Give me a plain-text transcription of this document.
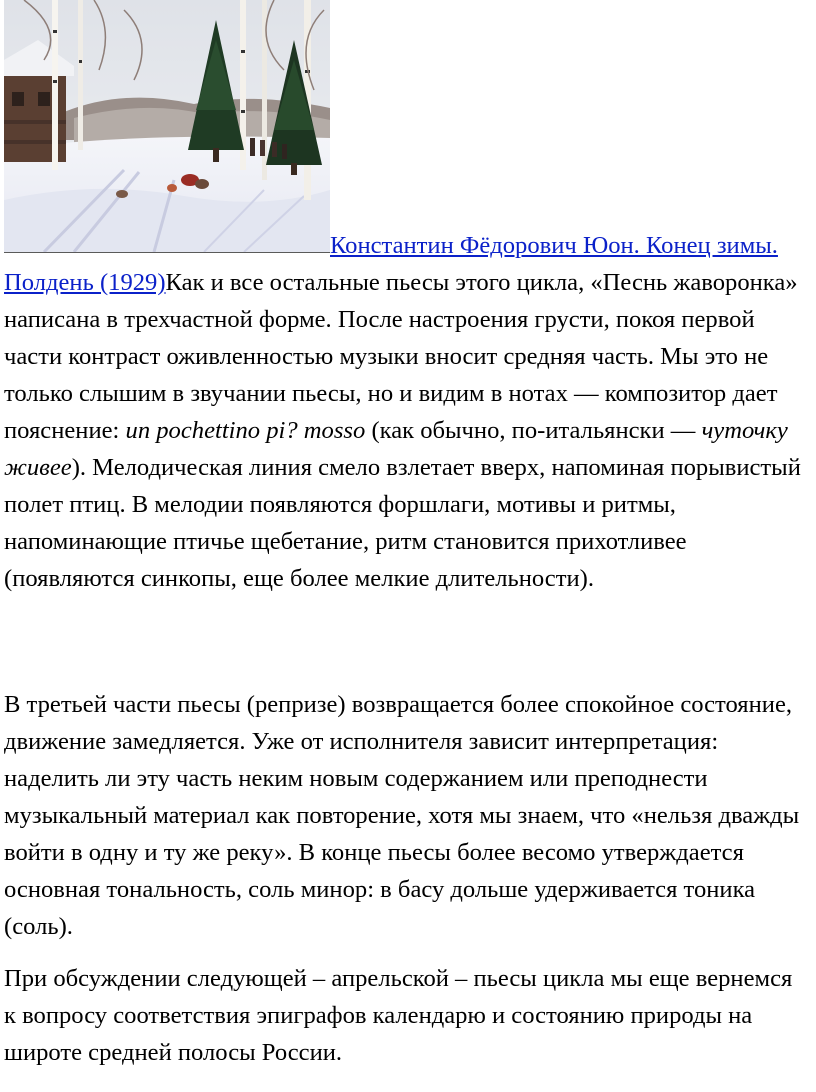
Константин Фёдорович Юон. Конец зимы. Полдень (1929)Как и все остальные пьесы этого цикла, «Песнь жаворонка» написана в трехчастной форме. После настроения грусти, покоя первой части контраст оживленностью музыки вносит средняя часть. Мы это не только слышим в звучании пьесы, но и видим в нотах — композитор дает пояснение: un pochettino pi? mosso (как обычно, по-итальянски — чуточку живее). Мелодическая линия смело взлетает вверх, напоминая порывистый полет птиц. В мелодии появляются форшлаги, мотивы и ритмы, напоминающие птичье щебетание, ритм становится прихотливее (появляются синкопы, еще более мелкие длительности).

В третьей части пьесы (репризе) возвращается более спокойное состояние, движение замедляется. Уже от исполнителя зависит интерпретация: наделить ли эту часть неким новым содержанием или преподнести музыкальный материал как повторение, хотя мы знаем, что «нельзя дважды войти в одну и ту же реку». В конце пьесы более весомо утверждается основная тональность, соль минор: в басу дольше удерживается тоника (соль).

При обсуждении следующей – апрельской – пьесы цикла мы еще вернемся к вопросу соответствия эпиграфов календарю и состоянию природы на широте средней полосы России.
